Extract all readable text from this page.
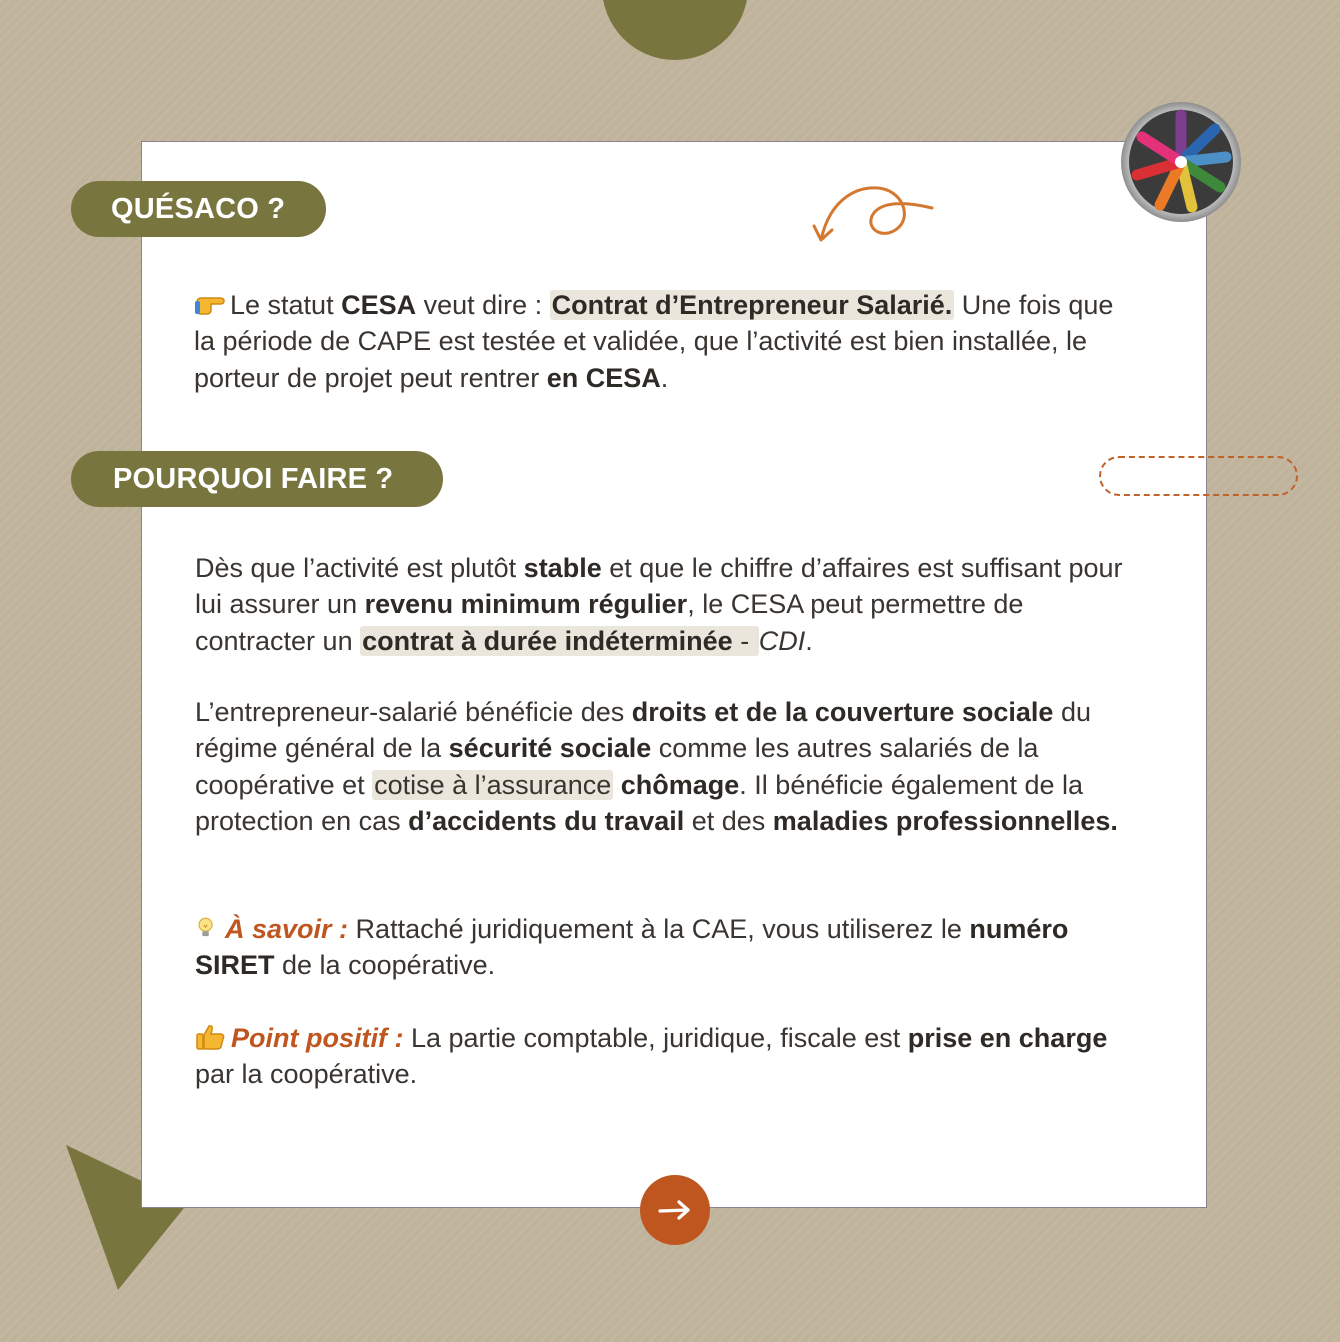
QUÉSACO ?
POURQUOI FAIRE ?

Le statut CESA veut dire : Contrat d’Entrepreneur Salarié. Une fois que la période de CAPE est testée et validée, que l’activité est bien installée, le porteur de projet peut rentrer en CESA.

Dès que l’activité est plutôt stable et que le chiffre d’affaires est suffisant pour lui assurer un revenu minimum régulier, le CESA peut permettre de contracter un contrat à durée indéterminée - CDI.

L’entrepreneur-salarié bénéficie des droits et de la couverture sociale du régime général de la sécurité sociale comme les autres salariés de la coopérative et cotise à l’assurance chômage. Il bénéficie également de la protection en cas d’accidents du travail et des maladies professionnelles.

À savoir : Rattaché juridiquement à la CAE, vous utiliserez le numéro SIRET de la coopérative.

Point positif : La partie comptable, juridique, fiscale est prise en charge par la coopérative.
